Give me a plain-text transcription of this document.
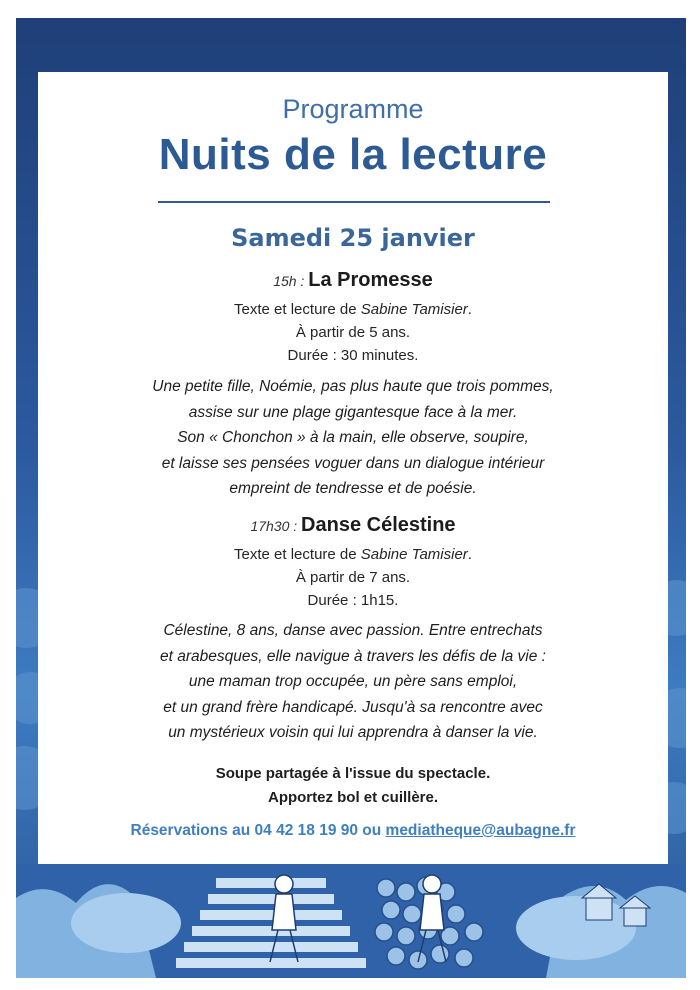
Programme
Nuits de la lecture
Samedi 25 janvier
15h : La Promesse
Texte et lecture de Sabine Tamisier.
À partir de 5 ans.
Durée : 30 minutes.
Une petite fille, Noémie, pas plus haute que trois pommes,
assise sur une plage gigantesque face à la mer.
Son « Chonchon » à la main, elle observe, soupire,
et laisse ses pensées voguer dans un dialogue intérieur
empreint de tendresse et de poésie.
17h30 : Danse Célestine
Texte et lecture de Sabine Tamisier.
À partir de 7 ans.
Durée : 1h15.
Célestine, 8 ans, danse avec passion. Entre entrechats
et arabesques, elle navigue à travers les défis de la vie :
une maman trop occupée, un père sans emploi,
et un grand frère handicapé. Jusqu'à sa rencontre avec
un mystérieux voisin qui lui apprendra à danser la vie.
Soupe partagée à l'issue du spectacle.
Apportez bol et cuillère.
Réservations au 04 42 18 19 90 ou mediatheque@aubagne.fr
